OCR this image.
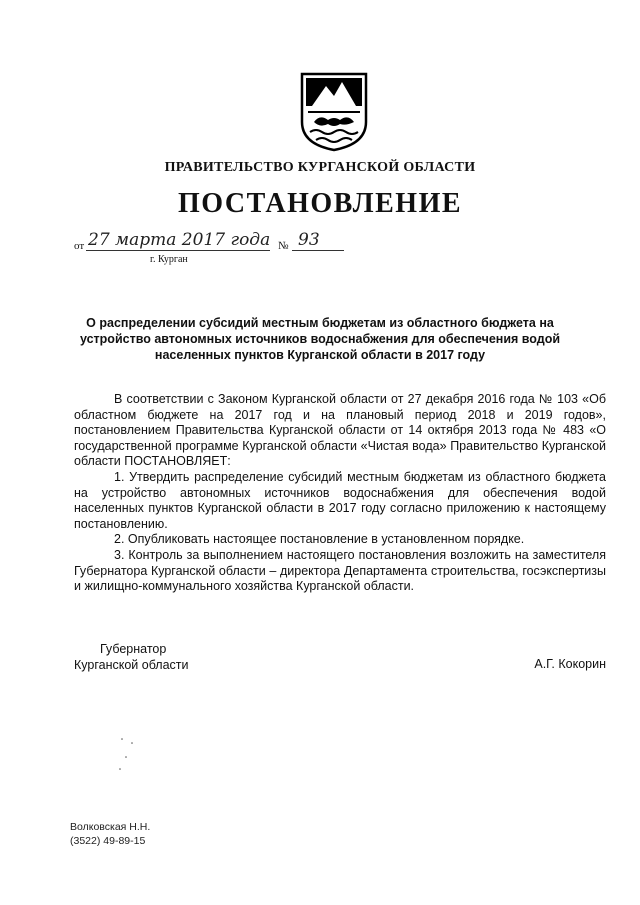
ПРАВИТЕЛЬСТВО КУРГАНСКОЙ ОБЛАСТИ
ПОСТАНОВЛЕНИЕ
от 27 марта 2017 года № 93
г. Курган
О распределении субсидий местным бюджетам из областного бюджета на устройство автономных источников водоснабжения для обеспечения водой населенных пунктов Курганской области в 2017 году

В соответствии с Законом Курганской области от 27 декабря 2016 года № 103 «Об областном бюджете на 2017 год и на плановый период 2018 и 2019 годов», постановлением Правительства Курганской области от 14 октября 2013 года № 483 «О государственной программе Курганской области «Чистая вода» Правительство Курганской области ПОСТАНОВЛЯЕТ:

1. Утвердить распределение субсидий местным бюджетам из областного бюджета на устройство автономных источников водоснабжения для обеспечения водой населенных пунктов Курганской области в 2017 году согласно приложению к настоящему постановлению.

2. Опубликовать настоящее постановление в установленном порядке.

3. Контроль за выполнением настоящего постановления возложить на заместителя Губернатора Курганской области – директора Департамента строительства, госэкспертизы и жилищно-коммунального хозяйства Курганской области.

Губернатор
Курганской области	А.Г. Кокорин
Волковская Н.Н.
(3522) 49-89-15
